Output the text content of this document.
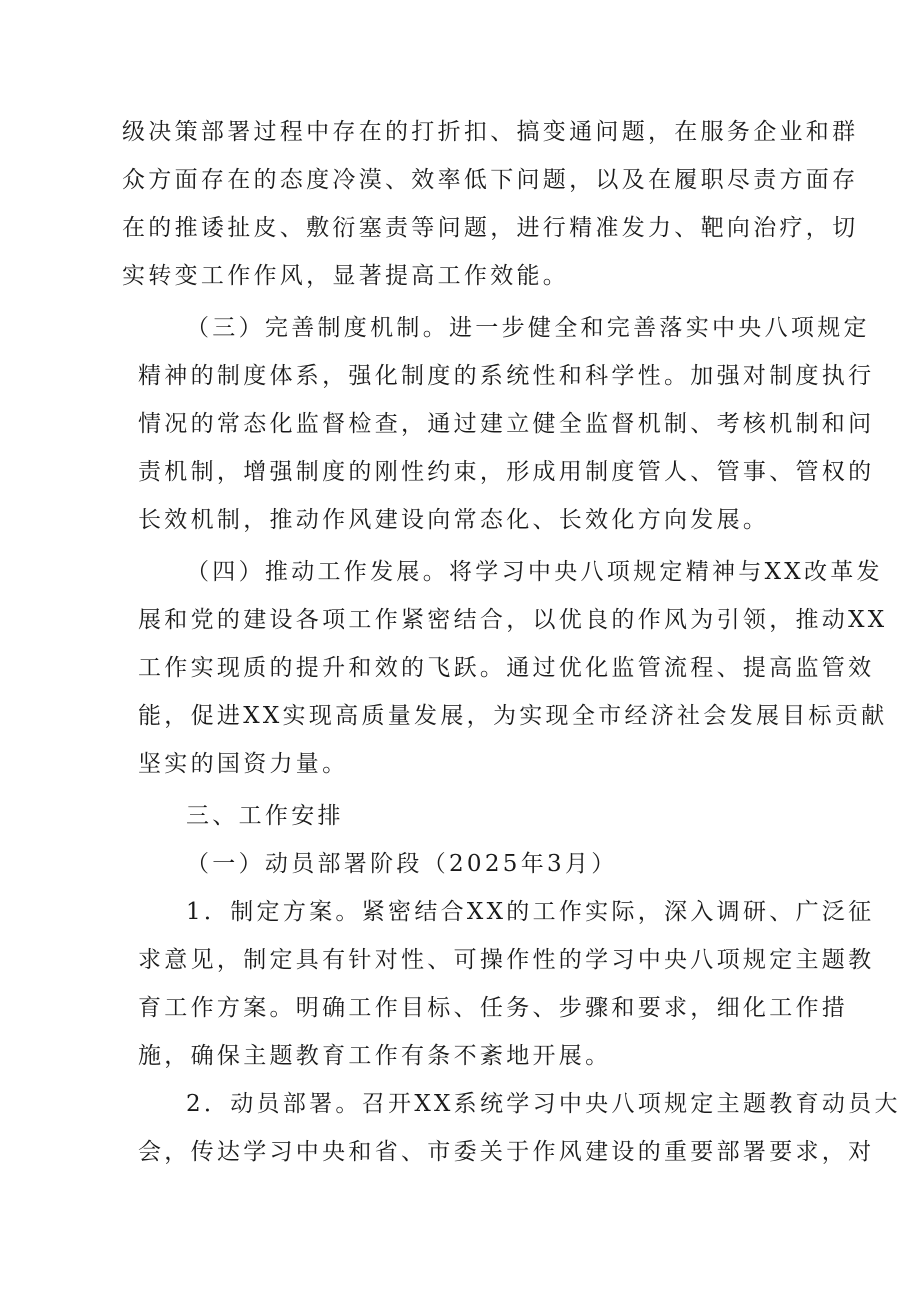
级决策部署过程中存在的打折扣、搞变通问题，在服务企业和群
众方面存在的态度冷漠、效率低下问题，以及在履职尽责方面存
在的推诿扯皮、敷衍塞责等问题，进行精准发力、靶向治疗，切
实转变工作作风，显著提高工作效能。
（三）完善制度机制。进一步健全和完善落实中央八项规定
精神的制度体系，强化制度的系统性和科学性。加强对制度执行
情况的常态化监督检查，通过建立健全监督机制、考核机制和问
责机制，增强制度的刚性约束，形成用制度管人、管事、管权的
长效机制，推动作风建设向常态化、长效化方向发展。
（四）推动工作发展。将学习中央八项规定精神与XX改革发
展和党的建设各项工作紧密结合，以优良的作风为引领，推动XX
工作实现质的提升和效的飞跃。通过优化监管流程、提高监管效
能，促进XX实现高质量发展，为实现全市经济社会发展目标贡献
坚实的国资力量。
三、工作安排
（一）动员部署阶段（2025年3月）
1．制定方案。紧密结合XX的工作实际，深入调研、广泛征
求意见，制定具有针对性、可操作性的学习中央八项规定主题教
育工作方案。明确工作目标、任务、步骤和要求，细化工作措
施，确保主题教育工作有条不紊地开展。
2．动员部署。召开XX系统学习中央八项规定主题教育动员大
会，传达学习中央和省、市委关于作风建设的重要部署要求，对
